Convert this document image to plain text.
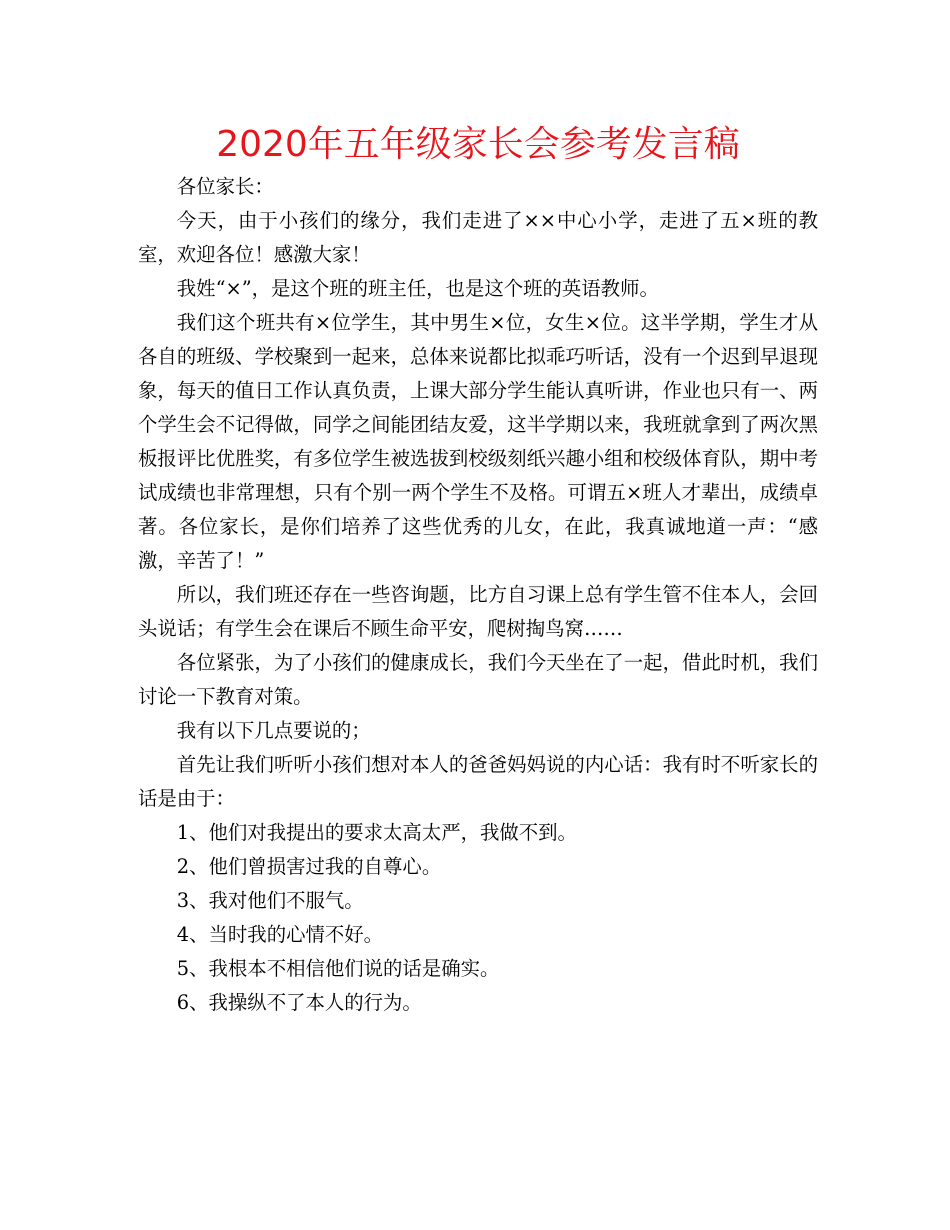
2020年五年级家长会参考发言稿

各位家长：

今天，由于小孩们的缘分，我们走进了××中心小学，走进了五×班的教室，欢迎各位！感激大家！

我姓“×”，是这个班的班主任，也是这个班的英语教师。

我们这个班共有×位学生，其中男生×位，女生×位。这半学期，学生才从各自的班级、学校聚到一起来，总体来说都比拟乖巧听话，没有一个迟到早退现象，每天的值日工作认真负责，上课大部分学生能认真听讲，作业也只有一、两个学生会不记得做，同学之间能团结友爱，这半学期以来，我班就拿到了两次黑板报评比优胜奖，有多位学生被选拔到校级刻纸兴趣小组和校级体育队，期中考试成绩也非常理想，只有个别一两个学生不及格。可谓五×班人才辈出，成绩卓著。各位家长，是你们培养了这些优秀的儿女，在此，我真诚地道一声：“感激，辛苦了！”

所以，我们班还存在一些咨询题，比方自习课上总有学生管不住本人，会回头说话；有学生会在课后不顾生命平安，爬树掏鸟窝……

各位紧张，为了小孩们的健康成长，我们今天坐在了一起，借此时机，我们讨论一下教育对策。

我有以下几点要说的；

首先让我们听听小孩们想对本人的爸爸妈妈说的内心话：我有时不听家长的话是由于：

1、他们对我提出的要求太高太严，我做不到。

2、他们曾损害过我的自尊心。

3、我对他们不服气。

4、当时我的心情不好。

5、我根本不相信他们说的话是确实。

6、我操纵不了本人的行为。
